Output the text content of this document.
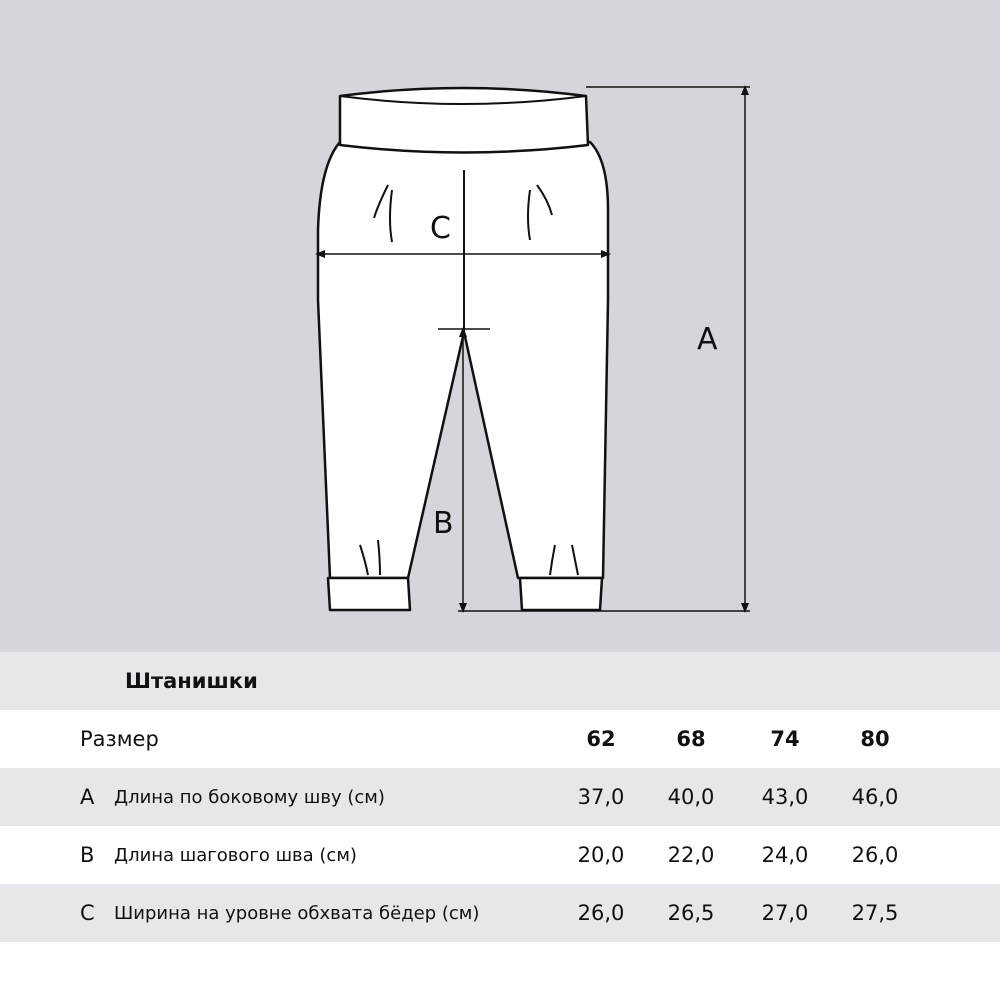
A
B
C
Штанишки
Размер	62	68	74	80
A Длина по боковому шву (см)	37,0	40,0	43,0	46,0
B Длина шагового шва (см)	20,0	22,0	24,0	26,0
C Ширина на уровне обхвата бёдер (см)	26,0	26,5	27,0	27,5
